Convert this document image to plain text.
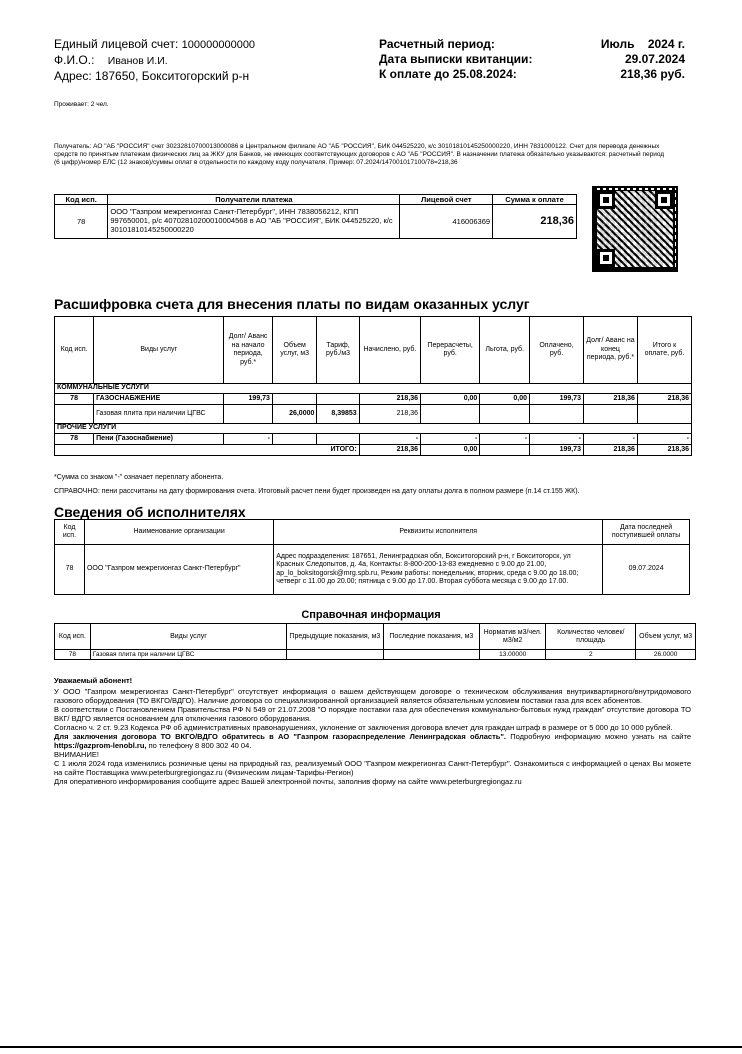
Единый лицевой счет: 100000000000
Ф.И.О.: Иванов И.И.
Адрес: 187650, Бокситогорский р-н
Расчетный период:	Июль 2024 г.
Дата выписки квитанции:	29.07.2024
К оплате до 25.08.2024:	218,36 руб.
Проживает: 2 чел.
Получатель: АО "АБ "РОССИЯ" счет 30232810700013000086 в Центральном филиале АО "АБ "РОССИЯ", БИК 044525220, к/с 30101810145250000220, ИНН 7831000122. Счет для перевода денежных средств по принятым платежам физических лиц за ЖКУ для Банков, не имеющих соответствующих договоров с АО "АБ "РОССИЯ". В назначении платежа обязательно указываются: расчетный период (6 цифр)/номер ЕЛС (12 знаков)/суммы оплат в отдельности по каждому коду получателя. Пример: 07.2024/147001017100/78=218,36
Код исп.	Получатели платежа	Лицевой счет	Сумма к оплате
78	ООО "Газпром межрегионгаз Санкт-Петербург", ИНН 7838056212, КПП 997650001, р/с 40702810200010004568 в АО "АБ "РОССИЯ", БИК 044525220, к/с 30101810145250000220	416006369	218,36
Расшифровка счета для внесения платы по видам оказанных услуг
Код исп.	Виды услуг	Долг/ Аванс на начало периода, руб.*	Объем услуг, м3	Тариф, руб./м3	Начислено, руб.	Перерасчеты, руб.	Льгота, руб.	Оплачено, руб.	Долг/ Аванс на конец периода, руб.*	Итого к оплате, руб.
КОММУНАЛЬНЫЕ УСЛУГИ										
78	ГАЗОСНАБЖЕНИЕ	199,73			218,36	0,00	0,00	199,73	218,36	218,36
	Газовая плита при наличии ЦГВС		26,0000	8,39853	218,36					
ПРОЧИЕ УСЛУГИ										
78	Пени (Газоснабжение)	-			-	-	-	-	-	-
ИТОГО:					218,36	0,00		199,73	218,36	218,36
*Сумма со знаком "-" означает переплату абонента.
СПРАВОЧНО: пени рассчитаны на дату формирования счета. Итоговый расчет пени будет произведен на дату оплаты долга в полном размере (п.14 ст.155 ЖК).
Сведения об исполнителях
Код исп.	Наименование организации	Реквизиты исполнителя	Дата последней поступившей оплаты
78	ООО "Газпром межрегионгаз Санкт-Петербург"	Адрес подразделения: 187651, Ленинградская обл, Бокситогорский р-н, г Бокситогорск, ул Красных Следопытов, д. 4а, Контакты: 8-800-200-13-83 ежедневно с 9.00 до 21.00, ap_lo_boksitogorsk@mrg.spb.ru, Режим работы: понедельник, вторник, среда с 9.00 до 18.00; четверг с 11.00 до 20.00; пятница с 9.00 до 17.00. Вторая суббота месяца с 9.00 до 17.00.	09.07.2024
Справочная информация
Код исп.	Виды услуг	Предыдущие показания, м3	Последние показания, м3	Норматив м3/чел. м3/м2	Количество человек/ площадь	Объем услуг, м3
78	Газовая плита при наличии ЦГВС			13.00000	2	26.0000

Уважаемый абонент!

У ООО "Газпром межрегионгаз Санкт-Петербург" отсутствует информация о вашем действующем договоре о техническом обслуживания внутриквартирного/внутридомового газового оборудования (ТО ВКГО/ВДГО). Наличие договора со специализированной организацией является обязательным условием поставки газа для всех абонентов.

В соответствии с Постановлением Правительства РФ N 549 от 21.07.2008 "О порядке поставки газа для обеспечения коммунально-бытовых нужд граждан" отсутствие договора ТО ВКГ/ ВДГО является основанием для отключения газового оборудования.

Согласно ч. 2 ст. 9.23 Кодекса РФ об административных правонарушениях, уклонение от заключения договора влечет для граждан штраф в размере от 5 000 до 10 000 рублей.

Для заключения договора ТО ВКГО/ВДГО обратитесь в АО "Газпром газораспределение Ленинградская область". Подробную информацию можно узнать на сайте https://gazprom-lenobl.ru, по телефону 8 800 302 40 04.

ВНИМАНИЕ!

С 1 июля 2024 года изменились розничные цены на природный газ, реализуемый ООО "Газпром межрегионгаз Санкт-Петербург". Ознакомиться с информацией о ценах Вы можете на сайте Поставщика www.peterburgregiongaz.ru (Физическим лицам-Тарифы-Регион)

Для оперативного информирования сообщите адрес Вашей электронной почты, заполнив форму на сайте www.peterburgregiongaz.ru
